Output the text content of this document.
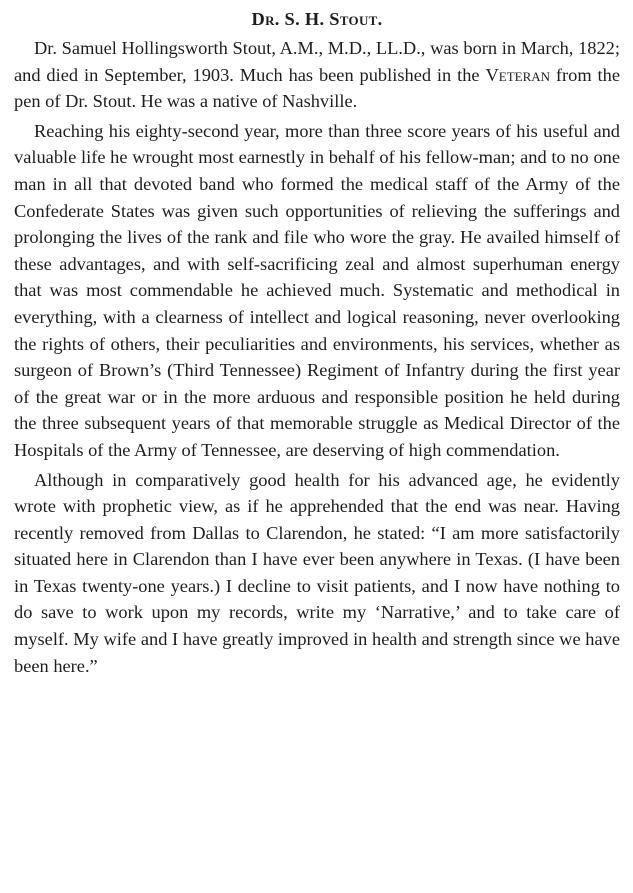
Dr. S. H. Stout.

Dr. Samuel Hollingsworth Stout, A.M., M.D., LL.D., was born in March, 1822; and died in September, 1903. Much has been published in the Veteran from the pen of Dr. Stout. He was a native of Nashville.

Reaching his eighty-second year, more than three score years of his useful and valuable life he wrought most earnestly in behalf of his fellow-man; and to no one man in all that devoted band who formed the medical staff of the Army of the Confederate States was given such opportunities of relieving the sufferings and prolonging the lives of the rank and file who wore the gray. He availed himself of these advantages, and with self-sacrificing zeal and almost superhuman energy that was most commendable he achieved much. Systematic and methodical in everything, with a clearness of intellect and logical reasoning, never overlooking the rights of others, their peculiarities and environments, his services, whether as surgeon of Brown’s (Third Tennessee) Regiment of Infantry during the first year of the great war or in the more arduous and responsible position he held during the three subsequent years of that memorable struggle as Medical Director of the Hospitals of the Army of Tennessee, are deserving of high commendation.

Although in comparatively good health for his advanced age, he evidently wrote with prophetic view, as if he apprehended that the end was near. Having recently removed from Dallas to Clarendon, he stated: “I am more satisfactorily situated here in Clarendon than I have ever been anywhere in Texas. (I have been in Texas twenty-one years.) I decline to visit patients, and I now have nothing to do save to work upon my records, write my ‘Narrative,’ and to take care of myself. My wife and I have greatly improved in health and strength since we have been here.”
